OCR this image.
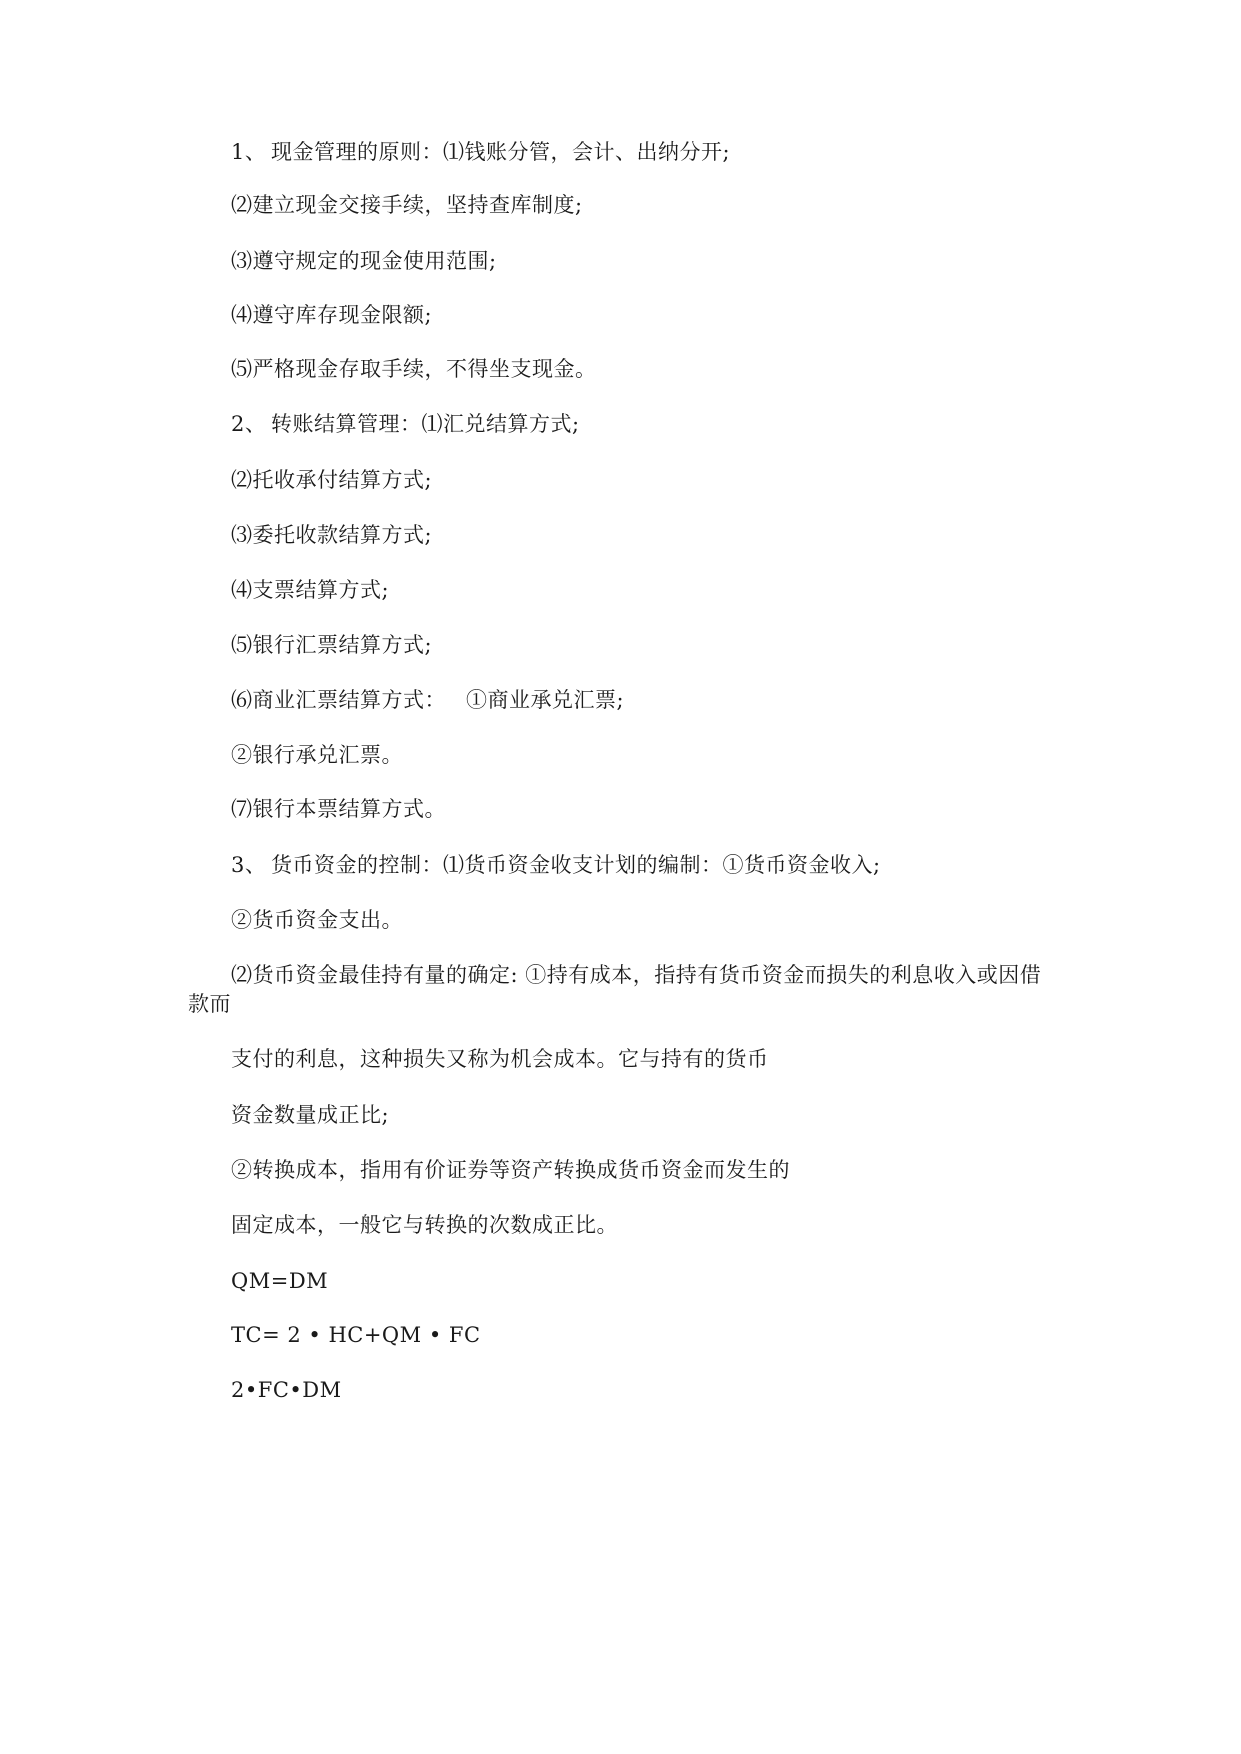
1、 现金管理的原则：⑴钱账分管，会计、出纳分开;
⑵建立现金交接手续，坚持查库制度;
⑶遵守规定的现金使用范围;
⑷遵守库存现金限额;
⑸严格现金存取手续，不得坐支现金。
2、 转账结算管理：⑴汇兑结算方式;
⑵托收承付结算方式;
⑶委托收款结算方式;
⑷支票结算方式;
⑸银行汇票结算方式;
⑹商业汇票结算方式： ①商业承兑汇票;
②银行承兑汇票。
⑺银行本票结算方式。
3、 货币资金的控制：⑴货币资金收支计划的编制：①货币资金收入;
②货币资金支出。
⑵货币资金最佳持有量的确定: ①持有成本，指持有货币资金而损失的利息收入或因借
款而
支付的利息，这种损失又称为机会成本。它与持有的货币
资金数量成正比;
②转换成本，指用有价证券等资产转换成货币资金而发生的
固定成本，一般它与转换的次数成正比。
QM=DM
TC= 2 • HC+QM • FC
2•FC•DM
